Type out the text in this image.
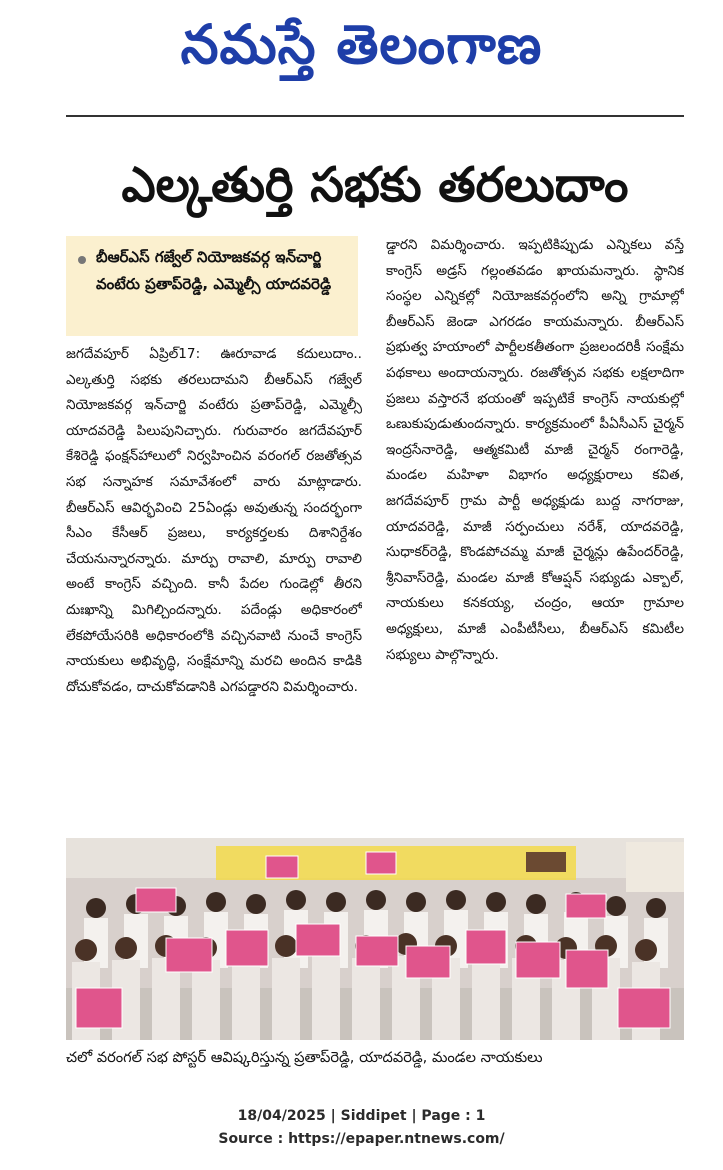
నమస్తే తెలంగాణ
ఎల్కతుర్తి సభకు తరలుదాం
బీఆర్ఎస్ గజ్వేల్ నియోజకవర్గ ఇన్‌చార్జి వంటేరు ప్రతాప్‌రెడ్డి, ఎమ్మెల్సీ యాదవరెడ్డి

జగదేవపూర్ ఏప్రిల్17: ఊరూవాడ కదులుదాం.. ఎల్కతుర్తి సభకు తరలుదామని బీఆర్ఎస్ గజ్వేల్ నియోజకవర్గ ఇన్‌చార్జి వంటేరు ప్రతాప్‌రెడ్డి, ఎమ్మెల్సీ యాదవరెడ్డి పిలుపునిచ్చారు. గురువారం జగదేవపూర్ కేశిరెడ్డి ఫంక్షన్‌హాలులో నిర్వహించిన వరంగల్ రజతోత్సవ సభ సన్నాహక సమావేశంలో వారు మాట్లాడారు. బీఆర్ఎస్ ఆవిర్భవించి 25ఏండ్లు అవుతున్న సందర్భంగా సీఎం కేసీఆర్ ప్రజలు, కార్యకర్తలకు దిశానిర్దేశం చేయనున్నారన్నారు. మార్పు రావాలి, మార్పు రావాలి అంటే కాంగ్రెస్ వచ్చింది. కానీ పేదల గుండెల్లో తీరని దుఃఖాన్ని మిగిల్చిందన్నారు. పదేండ్లు అధికారంలో లేకపోయేసరికి అధికారంలోకి వచ్చినవాటి నుంచే కాంగ్రెస్ నాయకులు అభివృద్ధి, సంక్షేమాన్ని మరచి అందిన కాడికి దోచుకోవడం, దాచుకోవడానికి ఎగపడ్డారని విమర్శించారు.

డ్డారని విమర్శించారు. ఇప్పటికిప్పుడు ఎన్నికలు వస్తే కాంగ్రెస్ అడ్రస్ గల్లంతవడం ఖాయమన్నారు. స్థానిక సంస్థల ఎన్నికల్లో నియోజకవర్గంలోని అన్ని గ్రామాల్లో బీఆర్ఎస్ జెండా ఎగరడం కాయమన్నారు. బీఆర్ఎస్ ప్రభుత్వ హయాంలో పార్టీలకతీతంగా ప్రజలందరికీ సంక్షేమ పథకాలు అందాయన్నారు. రజతోత్సవ సభకు లక్షలాదిగా ప్రజలు వస్తారనే భయంతో ఇప్పటికే కాంగ్రెస్ నాయకుల్లో ఒణుకుపుడుతుందన్నారు. కార్యక్రమంలో పీఏసీఎస్ చైర్మన్ ఇంద్రసేనారెడ్డి, ఆత్మకమిటీ మాజీ చైర్మన్ రంగారెడ్డి, మండల మహిళా విభాగం అధ్యక్షురాలు కవిత, జగదేవపూర్ గ్రామ పార్టీ అధ్యక్షుడు బుద్ద నాగరాజు, యాదవరెడ్డి, మాజీ సర్పంచులు నరేశ్, యాదవరెడ్డి, సుధాకర్‌రెడ్డి, కొండపోచమ్మ మాజీ చైర్మన్లు ఉపేందర్‌రెడ్డి, శ్రీనివాస్‌రెడ్డి, మండల మాజీ కోఆప్షన్ సభ్యుడు ఎక్బాల్, నాయకులు కనకయ్య, చంద్రం, ఆయా గ్రామాల అధ్యక్షులు, మాజీ ఎంపీటీసీలు, బీఆర్ఎస్ కమిటీల సభ్యులు పాల్గొన్నారు.

చలో వరంగల్ సభ పోస్టర్ ఆవిష్కరిస్తున్న ప్రతాప్‌రెడ్డి, యాదవరెడ్డి, మండల నాయకులు
18/04/2025 | Siddipet | Page : 1
Source : https://epaper.ntnews.com/
